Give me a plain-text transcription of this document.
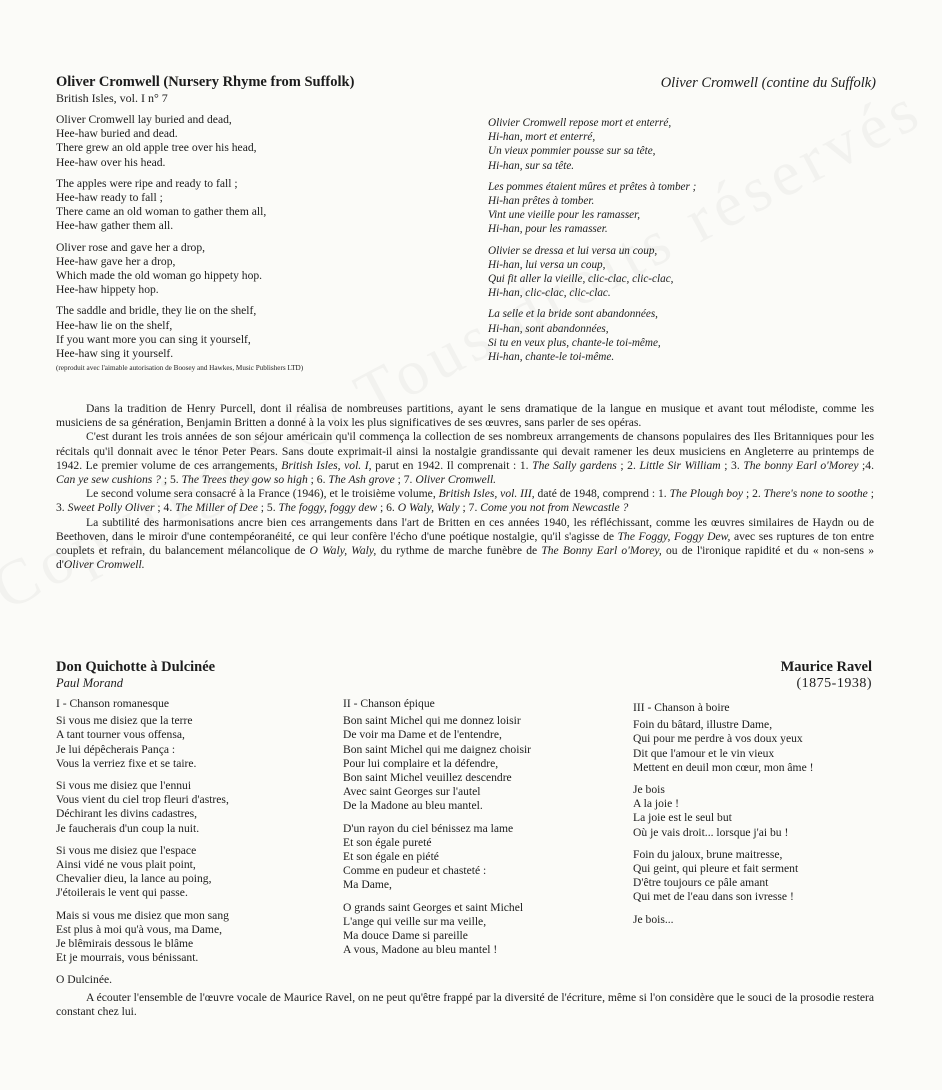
Oliver Cromwell (Nursery Rhyme from Suffolk)
British Isles, vol. I n° 7
Oliver Cromwell (contine du Suffolk)
Oliver Cromwell lay buried and dead,
Hee-haw buried and dead.
There grew an old apple tree over his head,
Hee-haw over his head.
The apples were ripe and ready to fall ;
Hee-haw ready to fall ;
There came an old woman to gather them all,
Hee-haw gather them all.
Oliver rose and gave her a drop,
Hee-haw gave her a drop,
Which made the old woman go hippety hop.
Hee-haw hippety hop.
The saddle and bridle, they lie on the shelf,
Hee-haw lie on the shelf,
If you want more you can sing it yourself,
Hee-haw sing it yourself.
Olivier Cromwell repose mort et enterré,
Hi-han, mort et enterré,
Un vieux pommier pousse sur sa tête,
Hi-han, sur sa tête.
Les pommes étaient mûres et prêtes à tomber ;
Hi-han prêtes à tomber.
Vint une vieille pour les ramasser,
Hi-han, pour les ramasser.
Olivier se dressa et lui versa un coup,
Hi-han, lui versa un coup,
Qui fit aller la vieille, clic-clac, clic-clac,
Hi-han, clic-clac, clic-clac.
La selle et la bride sont abandonnées,
Hi-han, sont abandonnées,
Si tu en veux plus, chante-le toi-même,
Hi-han, chante-le toi-même.
(reproduit avec l'aimable autorisation de Boosey and Hawkes, Music Publishers LTD)

Dans la tradition de Henry Purcell, dont il réalisa de nombreuses partitions, ayant le sens dramatique de la langue en musique et avant tout mélodiste, comme les musiciens de sa génération, Benjamin Britten a donné à la voix les plus significatives de ses œuvres, sans parler de ses opéras.

C'est durant les trois années de son séjour américain qu'il commença la collection de ses nombreux arrangements de chansons populaires des Iles Britanniques pour les récitals qu'il donnait avec le ténor Peter Pears. Sans doute exprimait-il ainsi la nostalgie grandissante qui devait ramener les deux musiciens en Angleterre au printemps de 1942. Le premier volume de ces arrangements, British Isles, vol. I, parut en 1942. Il comprenait : 1. The Sally gardens ; 2. Little Sir William ; 3. The bonny Earl o'Morey ;4. Can ye sew cushions ? ; 5. The Trees they gow so high ; 6. The Ash grove ; 7. Oliver Cromwell.

Le second volume sera consacré à la France (1946), et le troisième volume, British Isles, vol. III, daté de 1948, comprend : 1. The Plough boy ; 2. There's none to soothe ; 3. Sweet Polly Oliver ; 4. The Miller of Dee ; 5. The foggy, foggy dew ; 6. O Waly, Waly ; 7. Come you not from Newcastle ?

La subtilité des harmonisations ancre bien ces arrangements dans l'art de Britten en ces années 1940, les réfléchissant, comme les œuvres similaires de Haydn ou de Beethoven, dans le miroir d'une contempéoranéité, ce qui leur confère l'écho d'une poétique nostalgie, qu'il s'agisse de The Foggy, Foggy Dew, avec ses ruptures de ton entre couplets et refrain, du balancement mélancolique de O Waly, Waly, du rythme de marche funèbre de The Bonny Earl o'Morey, ou de l'ironique rapidité et du « non-sens » d'Oliver Cromwell.

Don Quichotte à Dulcinée
Paul Morand
Maurice Ravel
(1875-1938)
I - Chanson romanesque
Si vous me disiez que la terre
A tant tourner vous offensa,
Je lui dépêcherais Pança :
Vous la verriez fixe et se taire.
Si vous me disiez que l'ennui
Vous vient du ciel trop fleuri d'astres,
Déchirant les divins cadastres,
Je faucherais d'un coup la nuit.
Si vous me disiez que l'espace
Ainsi vidé ne vous plait point,
Chevalier dieu, la lance au poing,
J'étoilerais le vent qui passe.
Mais si vous me disiez que mon sang
Est plus à moi qu'à vous, ma Dame,
Je blêmirais dessous le blâme
Et je mourrais, vous bénissant.
O Dulcinée.
II - Chanson épique
Bon saint Michel qui me donnez loisir
De voir ma Dame et de l'entendre,
Bon saint Michel qui me daignez choisir
Pour lui complaire et la défendre,
Bon saint Michel veuillez descendre
Avec saint Georges sur l'autel
De la Madone au bleu mantel.
D'un rayon du ciel bénissez ma lame
Et son égale pureté
Et son égale en piété
Comme en pudeur et chasteté :
Ma Dame,
O grands saint Georges et saint Michel
L'ange qui veille sur ma veille,
Ma douce Dame si pareille
A vous, Madone au bleu mantel !
III - Chanson à boire
Foin du bâtard, illustre Dame,
Qui pour me perdre à vos doux yeux
Dit que l'amour et le vin vieux
Mettent en deuil mon cœur, mon âme !
Je bois
A la joie !
La joie est le seul but
Où je vais droit... lorsque j'ai bu !
Foin du jaloux, brune maitresse,
Qui geint, qui pleure et fait serment
D'être toujours ce pâle amant
Qui met de l'eau dans son ivresse !
Je bois...

A écouter l'ensemble de l'œuvre vocale de Maurice Ravel, on ne peut qu'être frappé par la diversité de l'écriture, même si l'on considère que le souci de la prosodie restera constant chez lui.
